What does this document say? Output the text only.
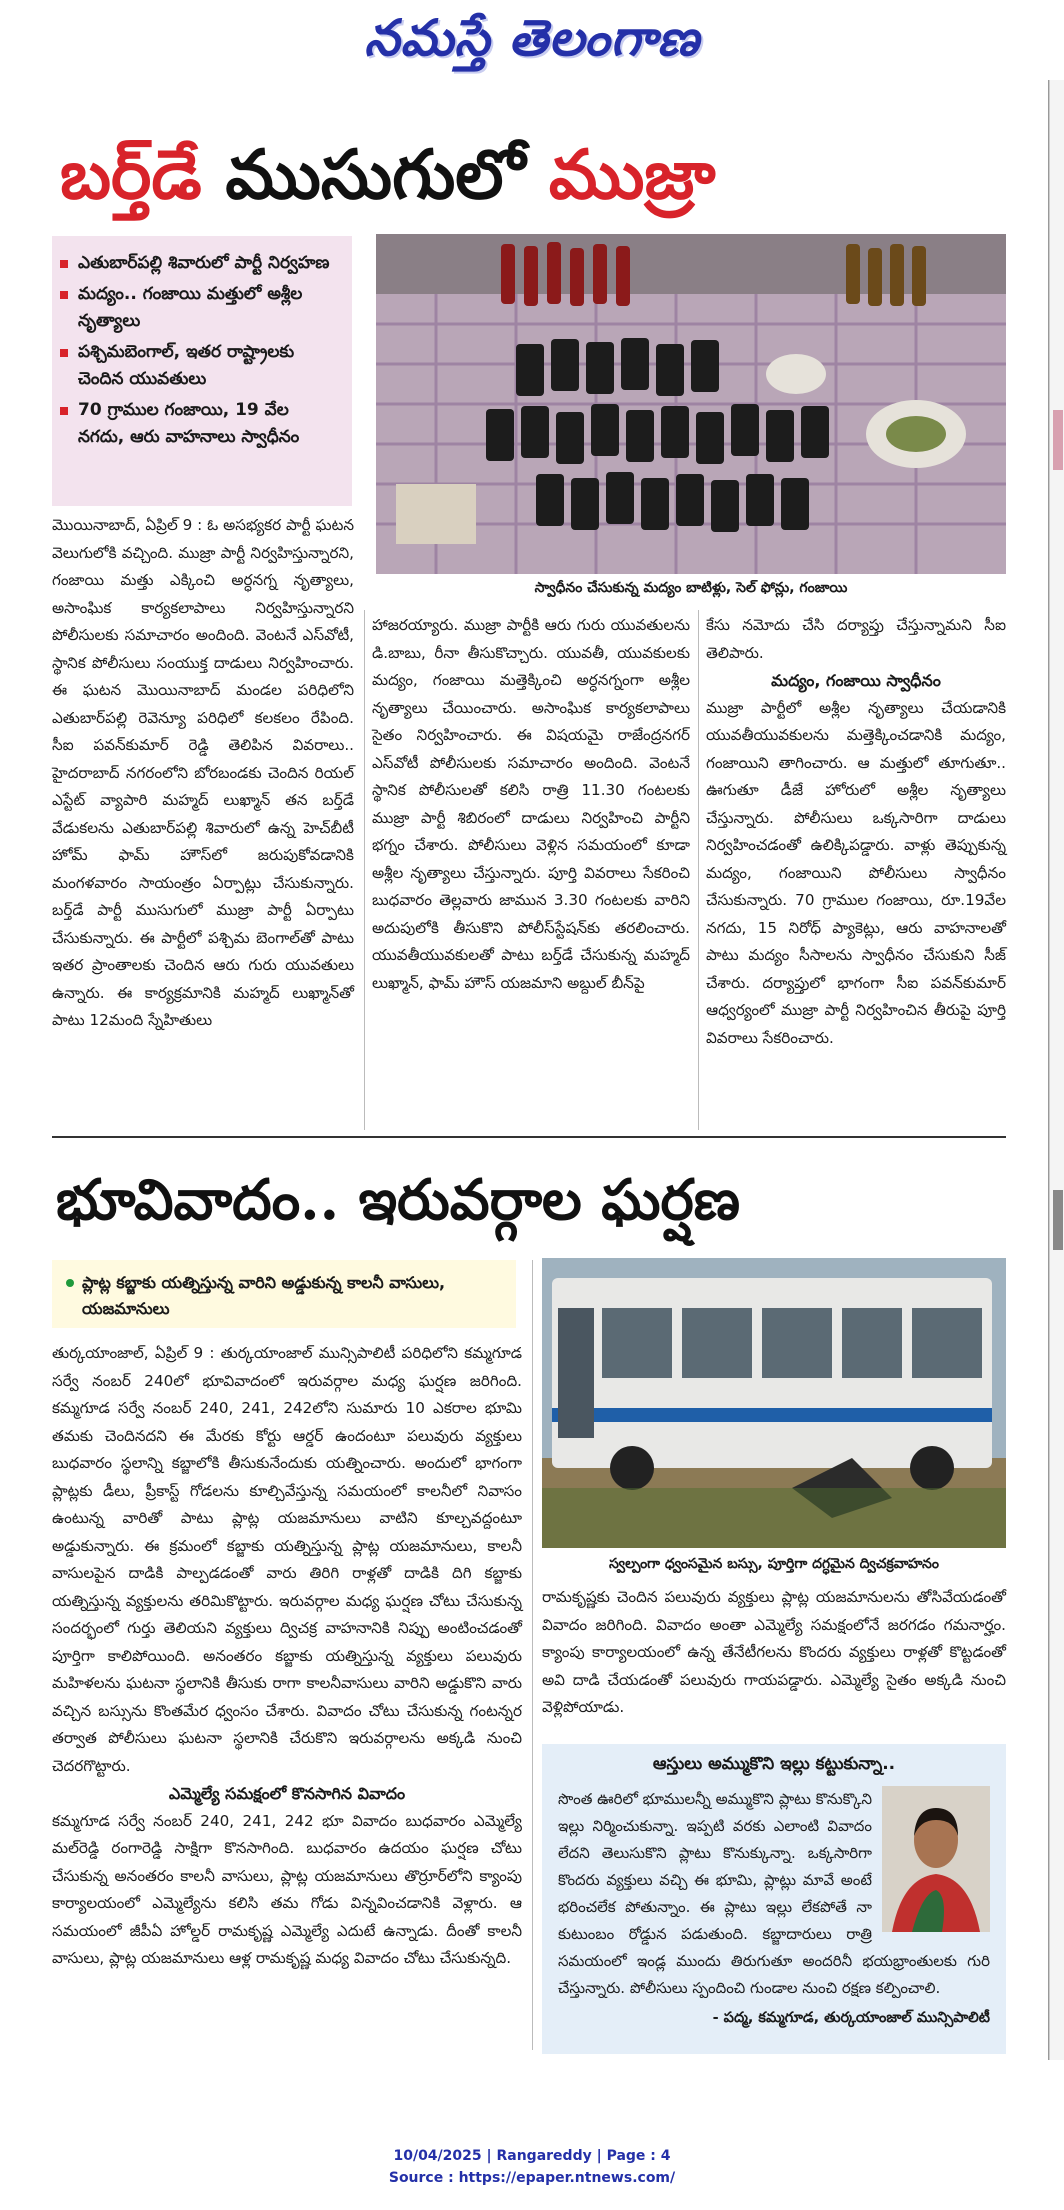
నమస్తే తెలంగాణ
బర్త్‌డే ముసుగులో ముజ్రా
ఎతుబార్‌పల్లి శివారులో పార్టీ నిర్వహణ
మద్యం.. గంజాయి మత్తులో అశ్లీల నృత్యాలు
పశ్చిమబెంగాల్, ఇతర రాష్ట్రాలకు చెందిన యువతులు
70 గ్రాముల గంజాయి, 19 వేల నగదు, ఆరు వాహనాలు స్వాధీనం
స్వాధీనం చేసుకున్న మద్యం బాటిళ్లు, సెల్ ఫోన్లు, గంజాయి

మొయినాబాద్, ఏప్రిల్ 9 : ఓ అసభ్యకర పార్టీ ఘటన వెలుగులోకి వచ్చింది. ముజ్రా పార్టీ నిర్వహిస్తున్నారని, గంజాయి మత్తు ఎక్కించి అర్ధనగ్న నృత్యాలు, అసాంఘిక కార్యకలాపాలు నిర్వహిస్తున్నారని పోలీసులకు సమాచారం అందింది. వెంటనే ఎస్‌వోటీ, స్థానిక పోలీసులు సంయుక్త దాడులు నిర్వహించారు. ఈ ఘటన మొయినాబాద్ మండల పరిధిలోని ఎతుబార్‌పల్లి రెవెన్యూ పరిధిలో కలకలం రేపింది. సీఐ పవన్‌కుమార్ రెడ్డి తెలిపిన వివరాలు.. హైదరాబాద్ నగరంలోని బోరబండకు చెందిన రియల్ ఎస్టేట్ వ్యాపారి మహ్మద్ లుఖ్మాన్ తన బర్త్‌డే వేడుకలను ఎతుబార్‌పల్లి శివారులో ఉన్న హెచ్‌బీటీ హోమ్ ఫామ్ హౌస్‌లో జరుపుకోవడానికి మంగళవారం సాయంత్రం ఏర్పాట్లు చేసుకున్నారు. బర్త్‌డే పార్టీ ముసుగులో ముజ్రా పార్టీ ఏర్పాటు చేసుకున్నారు. ఈ పార్టీలో పశ్చిమ బెంగాల్‌తో పాటు ఇతర ప్రాంతాలకు చెందిన ఆరు గురు యువతులు ఉన్నారు. ఈ కార్యక్రమానికి మహ్మద్ లుఖ్మాన్‌తో పాటు 12మంది స్నేహితులు

హాజరయ్యారు. ముజ్రా పార్టీకి ఆరు గురు యువతులను డి.బాబు, రీనా తీసుకొచ్చారు. యువతీ, యువకులకు మద్యం, గంజాయి మత్తెక్కించి అర్ధనగ్నంగా అశ్లీల నృత్యాలు చేయించారు. అసాంఘిక కార్యకలాపాలు సైతం నిర్వహించారు. ఈ విషయమై రాజేంద్రనగర్ ఎస్‌వోటీ పోలీసులకు సమాచారం అందింది. వెంటనే స్థానిక పోలీసులతో కలిసి రాత్రి 11.30 గంటలకు ముజ్రా పార్టీ శిబిరంలో దాడులు నిర్వహించి పార్టీని భగ్నం చేశారు. పోలీసులు వెళ్లిన సమయంలో కూడా అశ్లీల నృత్యాలు చేస్తున్నారు. పూర్తి వివరాలు సేకరించి బుధవారం తెల్లవారు జామున 3.30 గంటలకు వారిని అదుపులోకి తీసుకొని పోలీస్‌స్టేషన్‌కు తరలించారు. యువతీయువకులతో పాటు బర్త్‌డే చేసుకున్న మహ్మద్ లుఖ్మాన్, ఫామ్ హౌస్ యజమాని అబ్దుల్ బీన్‌పై

కేసు నమోదు చేసి దర్యాప్తు చేస్తున్నామని సీఐ తెలిపారు.

మద్యం, గంజాయి స్వాధీనం

ముజ్రా పార్టీలో అశ్లీల నృత్యాలు చేయడానికి యువతీయువకులను మత్తెక్కించడానికి మద్యం, గంజాయిని తాగించారు. ఆ మత్తులో తూగుతూ.. ఊగుతూ డీజే హోరులో అశ్లీల నృత్యాలు చేస్తున్నారు. పోలీసులు ఒక్కసారిగా దాడులు నిర్వహించడంతో ఉలిక్కిపడ్డారు. వాళ్లు తెప్పుకున్న మద్యం, గంజాయిని పోలీసులు స్వాధీనం చేసుకున్నారు. 70 గ్రాముల గంజాయి, రూ.19వేల నగదు, 15 నిరోధ్ ప్యాకెట్లు, ఆరు వాహనాలతో పాటు మద్యం సీసాలను స్వాధీనం చేసుకుని సీజ్ చేశారు. దర్యాప్తులో భాగంగా సీఐ పవన్‌కుమార్ ఆధ్వర్యంలో ముజ్రా పార్టీ నిర్వహించిన తీరుపై పూర్తి వివరాలు సేకరించారు.

భూవివాదం.. ఇరువర్గాల ఘర్షణ
ప్లాట్ల కబ్జాకు యత్నిస్తున్న వారిని అడ్డుకున్న కాలనీ వాసులు, యజమానులు
స్వల్పంగా ధ్వంసమైన బస్సు, పూర్తిగా దగ్ధమైన ద్విచక్రవాహనం

తుర్కయాంజాల్, ఏప్రిల్ 9 : తుర్కయాంజాల్ మున్సిపాలిటీ పరిధిలోని కమ్మగూడ సర్వే నంబర్ 240లో భూవివాదంలో ఇరువర్గాల మధ్య ఘర్షణ జరిగింది. కమ్మగూడ సర్వే నంబర్ 240, 241, 242లోని సుమారు 10 ఎకరాల భూమి తమకు చెందినదని ఈ మేరకు కోర్టు ఆర్డర్ ఉందంటూ పలువురు వ్యక్తులు బుధవారం స్థలాన్ని కబ్జాలోకి తీసుకునేందుకు యత్నించారు. అందులో భాగంగా ప్లాట్లకు డీలు, ప్రీకాస్ట్ గోడలను కూల్చివేస్తున్న సమయంలో కాలనీలో నివాసం ఉంటున్న వారితో పాటు ప్లాట్ల యజమానులు వాటిని కూల్చవద్దంటూ అడ్డుకున్నారు. ఈ క్రమంలో కబ్జాకు యత్నిస్తున్న ప్లాట్ల యజమానులు, కాలనీ వాసులపైన దాడికి పాల్పడడంతో వారు తిరిగి రాళ్లతో దాడికి దిగి కబ్జాకు యత్నిస్తున్న వ్యక్తులను తరిమికొట్టారు. ఇరువర్గాల మధ్య ఘర్షణ చోటు చేసుకున్న సందర్భంలో గుర్తు తెలియని వ్యక్తులు ద్విచక్ర వాహనానికి నిప్పు అంటించడంతో పూర్తిగా కాలిపోయింది. అనంతరం కబ్జాకు యత్నిస్తున్న వ్యక్తులు పలువురు మహిళలను ఘటనా స్థలానికి తీసుకు రాగా కాలనీవాసులు వారిని అడ్డుకొని వారు వచ్చిన బస్సును కొంతమేర ధ్వంసం చేశారు. వివాదం చోటు చేసుకున్న గంటన్నర తర్వాత పోలీసులు ఘటనా స్థలానికి చేరుకొని ఇరువర్గాలను అక్కడి నుంచి చెదరగొట్టారు.

ఎమ్మెల్యే సమక్షంలో కొనసాగిన వివాదం

కమ్మగూడ సర్వే నంబర్ 240, 241, 242 భూ వివాదం బుధవారం ఎమ్మెల్యే మల్‌రెడ్డి రంగారెడ్డి సాక్షిగా కొనసాగింది. బుధవారం ఉదయం ఘర్షణ చోటు చేసుకున్న అనంతరం కాలనీ వాసులు, ప్లాట్ల యజమానులు తొర్రూర్‌లోని క్యాంపు కార్యాలయంలో ఎమ్మెల్యేను కలిసి తమ గోడు విన్నవించడానికి వెళ్లారు. ఆ సమయంలో జీపీఏ హోల్డర్ రామకృష్ణ ఎమ్మెల్యే ఎదుటే ఉన్నాడు. దీంతో కాలనీ వాసులు, ప్లాట్ల యజమానులు ఆళ్ల రామకృష్ణ మధ్య వివాదం చోటు చేసుకున్నది.

రామకృష్ణకు చెందిన పలువురు వ్యక్తులు ప్లాట్ల యజమానులను తోసివేయడంతో వివాదం జరిగింది. వివాదం అంతా ఎమ్మెల్యే సమక్షంలోనే జరగడం గమనార్హం. క్యాంపు కార్యాలయంలో ఉన్న తేనేటీగలను కొందరు వ్యక్తులు రాళ్లతో కొట్టడంతో అవి దాడి చేయడంతో పలువురు గాయపడ్డారు. ఎమ్మెల్యే సైతం అక్కడి నుంచి వెళ్లిపోయాడు.

ఆస్తులు అమ్ముకొని ఇల్లు కట్టుకున్నా..

సొంత ఊరిలో భూములన్నీ అమ్ముకొని ప్లాటు కొనుక్కొని ఇల్లు నిర్మించుకున్నా. ఇప్పటి వరకు ఎలాంటి వివాదం లేదని తెలుసుకొని ప్లాటు కొనుక్కున్నా. ఒక్కసారిగా కొందరు వ్యక్తులు వచ్చి ఈ భూమి, ప్లాట్లు మావే అంటే భరించలేక పోతున్నాం. ఈ ప్లాటు ఇల్లు లేకపోతే నా కుటుంబం రోడ్డున పడుతుంది. కబ్జాదారులు రాత్రి సమయంలో ఇండ్ల ముందు తిరుగుతూ అందరినీ భయభ్రాంతులకు గురి చేస్తున్నారు. పోలీసులు స్పందించి గుండాల నుంచి రక్షణ కల్పించాలి.

- పద్మ, కమ్మగూడ, తుర్కయాంజాల్ మున్సిపాలిటీ
10/04/2025 | Rangareddy | Page : 4
Source : https://epaper.ntnews.com/
